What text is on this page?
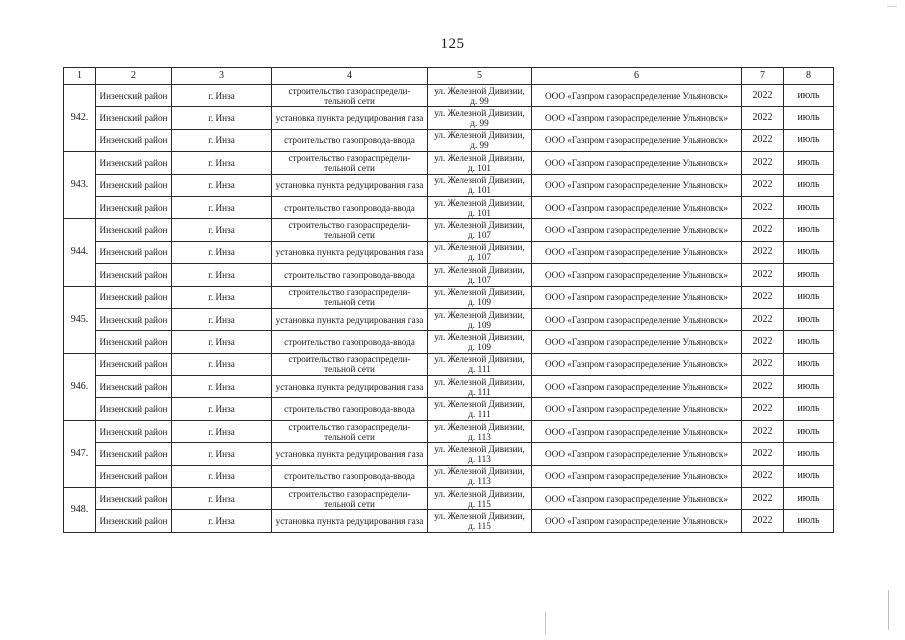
125
1	2	3	4	5	6	7	8
942.	Инзенский район	г. Инза	строительство газораспредели-тельной сети	ул. Железной Дивизии, д. 99	ООО «Газпром газораспределение Ульяновск»	2022	июль
	Инзенский район	г. Инза	установка пункта редуцирования газа	ул. Железной Дивизии, д. 99	ООО «Газпром газораспределение Ульяновск»	2022	июль
	Инзенский район	г. Инза	строительство газопровода-ввода	ул. Железной Дивизии, д. 99	ООО «Газпром газораспределение Ульяновск»	2022	июль
943.	Инзенский район	г. Инза	строительство газораспредели-тельной сети	ул. Железной Дивизии, д. 101	ООО «Газпром газораспределение Ульяновск»	2022	июль
	Инзенский район	г. Инза	установка пункта редуцирования газа	ул. Железной Дивизии, д. 101	ООО «Газпром газораспределение Ульяновск»	2022	июль
	Инзенский район	г. Инза	строительство газопровода-ввода	ул. Железной Дивизии, д. 101	ООО «Газпром газораспределение Ульяновск»	2022	июль
944.	Инзенский район	г. Инза	строительство газораспредели-тельной сети	ул. Железной Дивизии, д. 107	ООО «Газпром газораспределение Ульяновск»	2022	июль
	Инзенский район	г. Инза	установка пункта редуцирования газа	ул. Железной Дивизии, д. 107	ООО «Газпром газораспределение Ульяновск»	2022	июль
	Инзенский район	г. Инза	строительство газопровода-ввода	ул. Железной Дивизии, д. 107	ООО «Газпром газораспределение Ульяновск»	2022	июль
945.	Инзенский район	г. Инза	строительство газораспредели-тельной сети	ул. Железной Дивизии, д. 109	ООО «Газпром газораспределение Ульяновск»	2022	июль
	Инзенский район	г. Инза	установка пункта редуцирования газа	ул. Железной Дивизии, д. 109	ООО «Газпром газораспределение Ульяновск»	2022	июль
	Инзенский район	г. Инза	строительство газопровода-ввода	ул. Железной Дивизии, д. 109	ООО «Газпром газораспределение Ульяновск»	2022	июль
946.	Инзенский район	г. Инза	строительство газораспредели-тельной сети	ул. Железной Дивизии, д. 111	ООО «Газпром газораспределение Ульяновск»	2022	июль
	Инзенский район	г. Инза	установка пункта редуцирования газа	ул. Железной Дивизии, д. 111	ООО «Газпром газораспределение Ульяновск»	2022	июль
	Инзенский район	г. Инза	строительство газопровода-ввода	ул. Железной Дивизии, д. 111	ООО «Газпром газораспределение Ульяновск»	2022	июль
947.	Инзенский район	г. Инза	строительство газораспредели-тельной сети	ул. Железной Дивизии, д. 113	ООО «Газпром газораспределение Ульяновск»	2022	июль
	Инзенский район	г. Инза	установка пункта редуцирования газа	ул. Железной Дивизии, д. 113	ООО «Газпром газораспределение Ульяновск»	2022	июль
	Инзенский район	г. Инза	строительство газопровода-ввода	ул. Железной Дивизии, д. 113	ООО «Газпром газораспределение Ульяновск»	2022	июль
948.	Инзенский район	г. Инза	строительство газораспредели-тельной сети	ул. Железной Дивизии, д. 115	ООО «Газпром газораспределение Ульяновск»	2022	июль
	Инзенский район	г. Инза	установка пункта редуцирования газа	ул. Железной Дивизии, д. 115	ООО «Газпром газораспределение Ульяновск»	2022	июль
